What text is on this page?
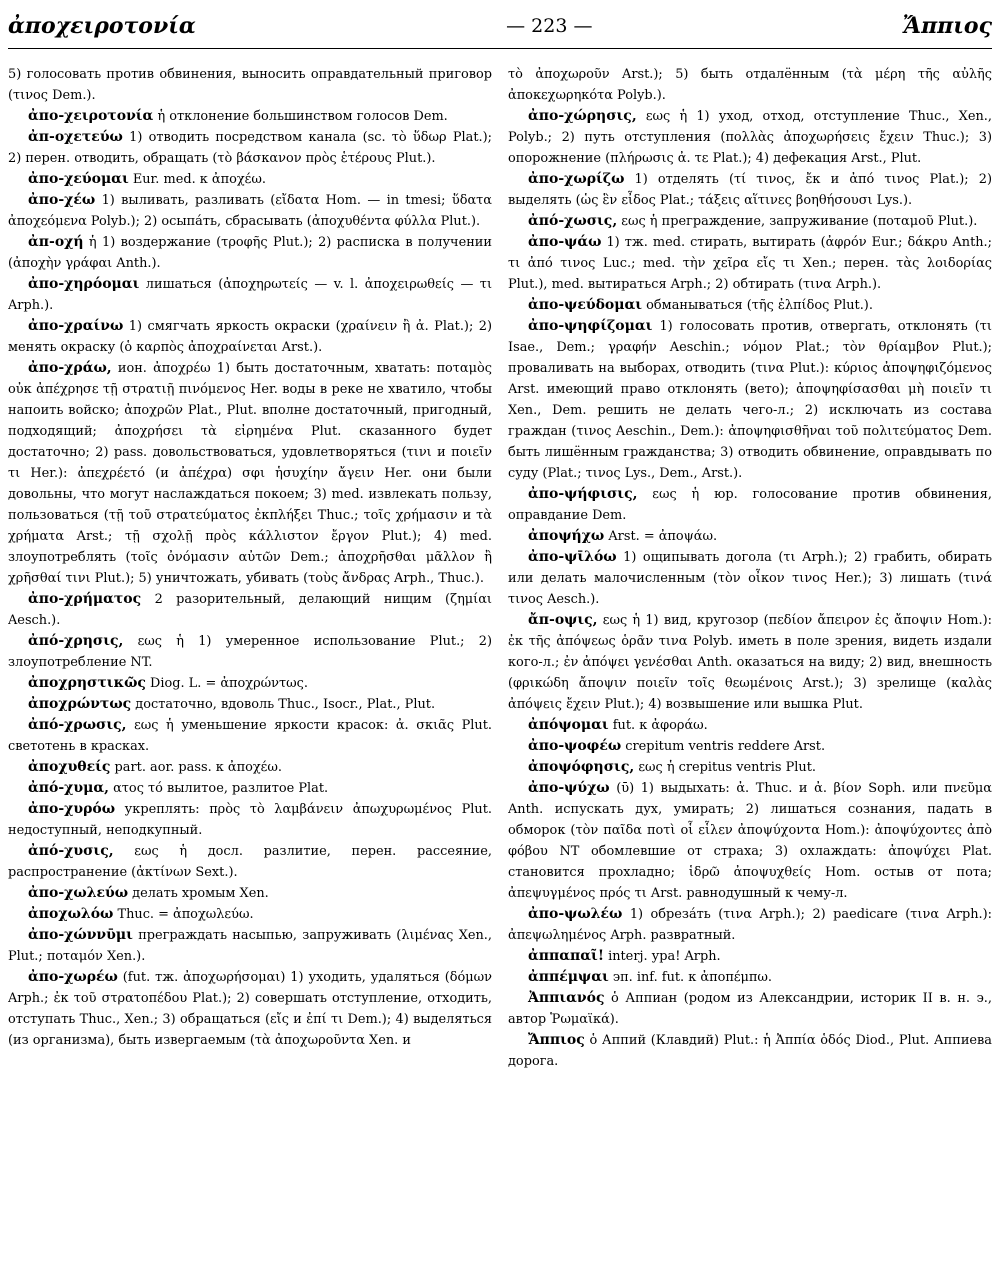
ἀποχειροτονία	— 223 —	Ἄππιος

5) голосовать против обвинения, выносить оправдательный приговор (τινος Dem.).

ἀπο-χειροτονία ἡ отклонение большинством голосов Dem.

ἀπ-οχετεύω 1) отводить посредством канала (sc. τὸ ὕδωρ Plat.); 2) перен. отводить, обращать (τὸ βάσκανον πρὸς ἑτέρους Plut.).

ἀπο-χεύομαι Eur. med. к ἀποχέω.

ἀπο-χέω 1) выливать, разливать (εἴδατα Hom. — in tmesi; ὕδατα ἀποχεόμενα Polyb.); 2) осыпáть, сбрасывать (ἀποχυθέντα φύλλα Plut.).

ἀπ-οχή ἡ 1) воздержание (τροφῆς Plut.); 2) расписка в получении (ἀποχὴν γράφαι Anth.).

ἀπο-χηρόομαι лишаться (ἀποχηρωτείς — v. l. ἀποχειρωθείς — τι Arph.).

ἀπο-χραίνω 1) смягчать яркость окраски (χραίνειν ἢ ἀ. Plat.); 2) менять окраску (ὁ καρπὸς ἀποχραίνεται Arst.).

ἀπο-χράω, ион. ἀποχρέω 1) быть достаточным, хватать: ποταμὸς οὐκ ἀπέχρησε τῇ στρατιῇ πινόμενος Her. воды в реке не хватило, чтобы напоить войско; ἀποχρῶν Plat., Plut. вполне достаточный, пригодный, подходящий; ἀποχρήσει τὰ εἰρημένα Plut. сказанного будет достаточно; 2) pass. довольствоваться, удовлетворяться (τινι и ποιεῖν τι Her.): ἀπεχρέετό (и ἀπέχρα) σφι ἡσυχίην ἄγειν Her. они были довольны, что могут наслаждаться покоем; 3) med. извлекать пользу, пользоваться (τῇ τοῦ στρατεύματος ἐκπλήξει Thuc.; τοῖς χρήμασιν и τὰ χρήματα Arst.; τῇ σχολῇ πρὸς κάλλιστον ἔργον Plut.); 4) med. злоупотреблять (τοῖς ὀνόμασιν αὐτῶν Dem.; ἀποχρῆσθαι μᾶλλον ἢ χρῆσθαί τινι Plut.); 5) уничтожать, убивать (τοὺς ἄνδρας Arph., Thuc.).

ἀπο-χρήματος 2 разорительный, делающий нищим (ζημίαι Aesch.).

ἀπό-χρησις, εως ἡ 1) умеренное использование Plut.; 2) злоупотребление NT.

ἀποχρηστικῶς Diog. L. = ἀποχρώντως.

ἀποχρώντως достаточно, вдоволь Thuc., Isocr., Plat., Plut.

ἀπό-χρωσις, εως ἡ уменьшение яркости красок: ἀ. σκιᾶς Plut. светотень в красках.

ἀποχυθείς part. aor. pass. к ἀποχέω.

ἀπό-χυμα, ατος τό вылитое, разлитое Plat.

ἀπο-χυρόω укреплять: πρὸς τὸ λαμβάνειν ἀπωχυρωμένος Plut. недоступный, неподкупный.

ἀπό-χυσις, εως ἡ досл. разлитие, перен. рассеяние, распространение (ἀκτίνων Sext.).

ἀπο-χωλεύω делать хромым Xen.

ἀποχωλόω Thuc. = ἀποχωλεύω.

ἀπο-χώννῡμι преграждать насыпью, запруживать (λιμένας Xen., Plut.; ποταμόν Xen.).

ἀπο-χωρέω (fut. тж. ἀποχωρήσομαι) 1) уходить, удаляться (δόμων Arph.; ἐκ τοῦ στρατοπέδου Plat.); 2) совершать отступление, отходить, отступать Thuc., Xen.; 3) обращаться (εἴς и ἐπί τι Dem.); 4) выделяться (из организма), быть извергаемым (τὰ ἀποχωροῦντα Xen. и

τὸ ἀποχωροῦν Arst.); 5) быть отдалённым (τὰ μέρη τῆς αὐλῆς ἀποκεχωρηκότα Polyb.).

ἀπο-χώρησις, εως ἡ 1) уход, отход, отступление Thuc., Xen., Polyb.; 2) путь отступления (πολλὰς ἀποχωρήσεις ἔχειν Thuc.); 3) опорожнение (πλήρωσις ἀ. τε Plat.); 4) дефекация Arst., Plut.

ἀπο-χωρίζω 1) отделять (τί τινος, ἔκ и ἀπό τινος Plat.); 2) выделять (ὡς ἓν εἶδος Plat.; τάξεις αἵτινες βοηθήσουσι Lys.).

ἀπό-χωσις, εως ἡ преграждение, запруживание (ποταμοῦ Plut.).

ἀπο-ψάω 1) тж. med. стирать, вытирать (ἀφρόν Eur.; δάκρυ Anth.; τι ἀπό τινος Luc.; med. τὴν χεῖρα εἴς τι Xen.; перен. τὰς λοιδορίας Plut.), med. вытираться Arph.; 2) обтирать (τινα Arph.).

ἀπο-ψεύδομαι обманываться (τῆς ἐλπίδος Plut.).

ἀπο-ψηφίζομαι 1) голосовать против, отвергать, отклонять (τι Isae., Dem.; γραφήν Aeschin.; νόμον Plat.; τὸν θρίαμβον Plut.); проваливать на выборах, отводить (τινα Plut.): κύριος ἀποψηφιζόμενος Arst. имеющий право отклонять (вето); ἀποψηφίσασθαι μὴ ποιεῖν τι Xen., Dem. решить не делать чего-л.; 2) исключать из состава граждан (τινος Aeschin., Dem.): ἀποψηφισθῆναι τοῦ πολιτεύματος Dem. быть лишённым гражданства; 3) отводить обвинение, оправдывать по суду (Plat.; τινος Lys., Dem., Arst.).

ἀπο-ψήφισις, εως ἡ юр. голосование против обвинения, оправдание Dem.

ἀποψήχω Arst. = ἀποψάω.

ἀπο-ψῑλόω 1) ощипывать догола (τι Arph.); 2) грабить, обирать или делать малочисленным (τὸν οἶκον τινος Her.); 3) лишать (τινά τινος Aesch.).

ἄπ-οψις, εως ἡ 1) вид, кругозор (πεδίον ἄπειρον ἐς ἄποψιν Hom.): ἐκ τῆς ἀπόψεως ὁρᾶν τινα Polyb. иметь в поле зрения, видеть издали кого-л.; ἐν ἀπόψει γενέσθαι Anth. оказаться на виду; 2) вид, внешность (φρικώδη ἄποψιν ποιεῖν τοῖς θεωμένοις Arst.); 3) зрелище (καλὰς ἀπόψεις ἔχειν Plut.); 4) возвышение или вышка Plut.

ἀπόψομαι fut. к ἀφοράω.

ἀπο-ψοφέω crepitum ventris reddere Arst.

ἀποψόφησις, εως ἡ crepitus ventris Plut.

ἀπο-ψύχω (ῡ) 1) выдыхать: ἀ. Thuc. и ἀ. βίον Soph. или πνεῦμα Anth. испускать дух, умирать; 2) лишаться сознания, падать в обморок (τὸν παῖδα ποτὶ οἷ εἷλεν ἀποψύχοντα Hom.): ἀποψύχοντες ἀπὸ φόβου NT обомлевшие от страха; 3) охлаждать: ἀποψύχει Plat. становится прохладно; ἱδρῶ ἀποψυχθείς Hom. остыв от пота; ἀπεψυγμένος πρός τι Arst. равнодушный к чему-л.

ἀπο-ψωλέω 1) обрезáть (τινα Arph.); 2) paedicare (τινα Arph.): ἀπεψωλημένος Arph. развратный.

ἀππαπαῖ! interj. ура! Arph.

ἀππέμψαι эп. inf. fut. к ἀποπέμπω.

Ἀππιανός ὁ Аппиан (родом из Александрии, историк II в. н. э., автор Ῥωμαϊκά).

Ἄππιος ὁ Аппий (Клавдий) Plut.: ἡ Ἀππία ὁδός Diod., Plut. Аппиева дорога.
